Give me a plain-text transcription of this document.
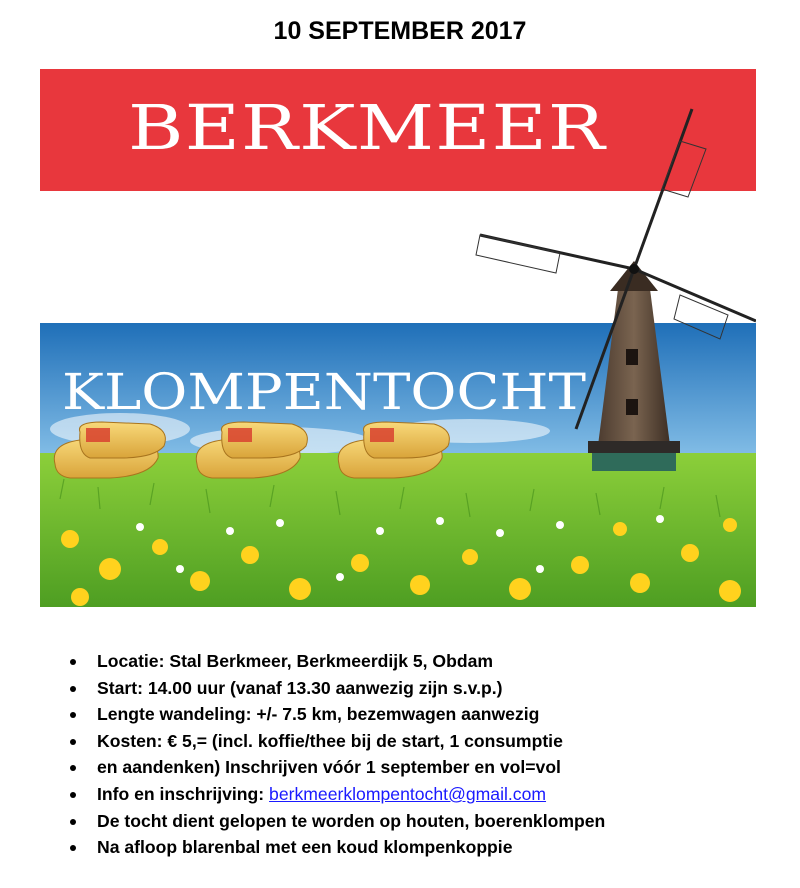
10 SEPTEMBER 2017
BERKMEER
KLOMPENTOCHT
Locatie: Stal Berkmeer, Berkmeerdijk 5, Obdam
Start: 14.00 uur (vanaf 13.30 aanwezig zijn s.v.p.)
Lengte wandeling: +/- 7.5 km, bezemwagen aanwezig
Kosten: € 5,= (incl. koffie/thee bij de start, 1 consumptie
en aandenken) Inschrijven vóór 1 september en vol=vol
Info en inschrijving: berkmeerklompentocht@gmail.com
De tocht dient gelopen te worden op houten, boerenklompen
Na afloop blarenbal met een koud klompenkoppie
